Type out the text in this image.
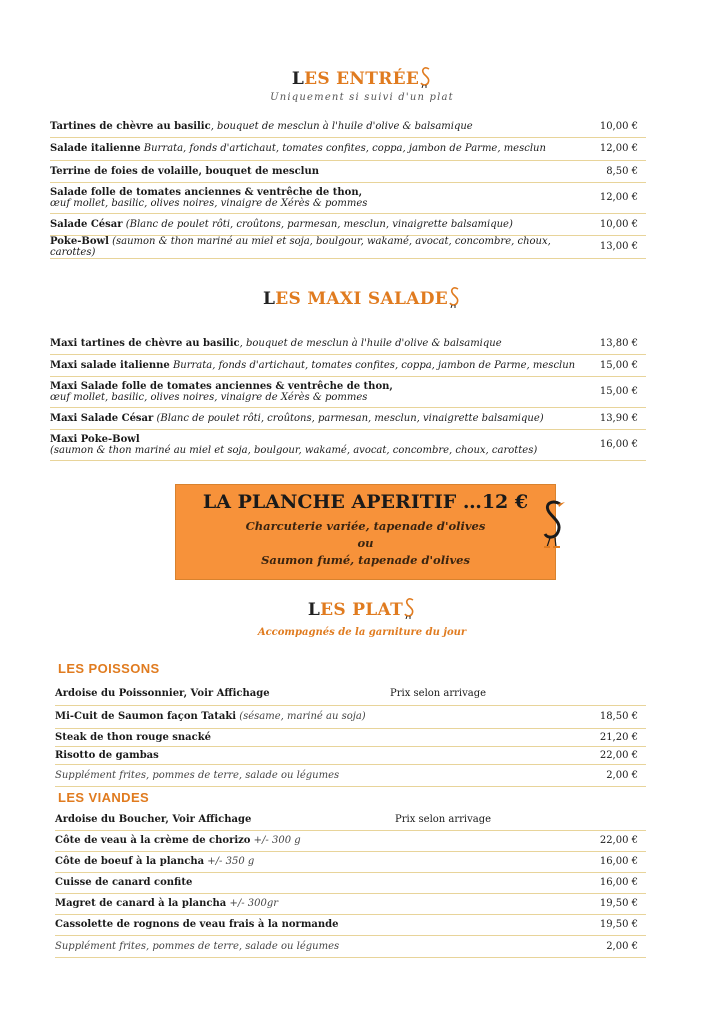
LES ENTRÉE
Uniquement si suivi d'un plat
Tartines de chèvre au basilic, bouquet de mesclun à l'huile d'olive & balsamique	10,00 €
Salade italienne Burrata, fonds d'artichaut, tomates confites, coppa, jambon de Parme, mesclun	12,00 €
Terrine de foies de volaille, bouquet de mesclun	8,50 €
Salade folle de tomates anciennes & ventrêche de thon,
œuf mollet, basilic, olives noires, vinaigre de Xérès & pommes	12,00 €
Salade César (Blanc de poulet rôti, croûtons, parmesan, mesclun, vinaigrette balsamique)	10,00 €
Poke-Bowl (saumon & thon mariné au miel et soja, boulgour, wakamé, avocat, concombre, choux, carottes)	13,00 €
LES MAXI SALADE
Maxi tartines de chèvre au basilic, bouquet de mesclun à l'huile d'olive & balsamique	13,80 €
Maxi salade italienne Burrata, fonds d'artichaut, tomates confites, coppa, jambon de Parme, mesclun	15,00 €
Maxi Salade folle de tomates anciennes & ventrêche de thon,
œuf mollet, basilic, olives noires, vinaigre de Xérès & pommes	15,00 €
Maxi Salade César (Blanc de poulet rôti, croûtons, parmesan, mesclun, vinaigrette balsamique)	13,90 €
Maxi Poke-Bowl
(saumon & thon mariné au miel et soja, boulgour, wakamé, avocat, concombre, choux, carottes)	16,00 €
LA PLANCHE APERITIF …12 €
Charcuterie variée, tapenade d'olives
ou
Saumon fumé, tapenade d'olives
LES PLAT
Accompagnés de la garniture du jour
LES POISSONS
Ardoise du Poissonnier, Voir Affichage Prix selon arrivage	

Mi-Cuit de Saumon façon Tataki (sésame, mariné au soja)	18,50 €
Steak de thon rouge snacké	21,20 €
Risotto de gambas	22,00 €
Supplément frites, pommes de terre, salade ou légumes	2,00 €
LES VIANDES
Ardoise du Boucher, Voir Affichage Prix selon arrivage	

Côte de veau à la crème de chorizo +/- 300 g	22,00 €
Côte de boeuf à la plancha +/- 350 g	16,00 €
Cuisse de canard confite	16,00 €
Magret de canard à la plancha +/- 300gr	19,50 €
Cassolette de rognons de veau frais à la normande	19,50 €
Supplément frites, pommes de terre, salade ou légumes	2,00 €
